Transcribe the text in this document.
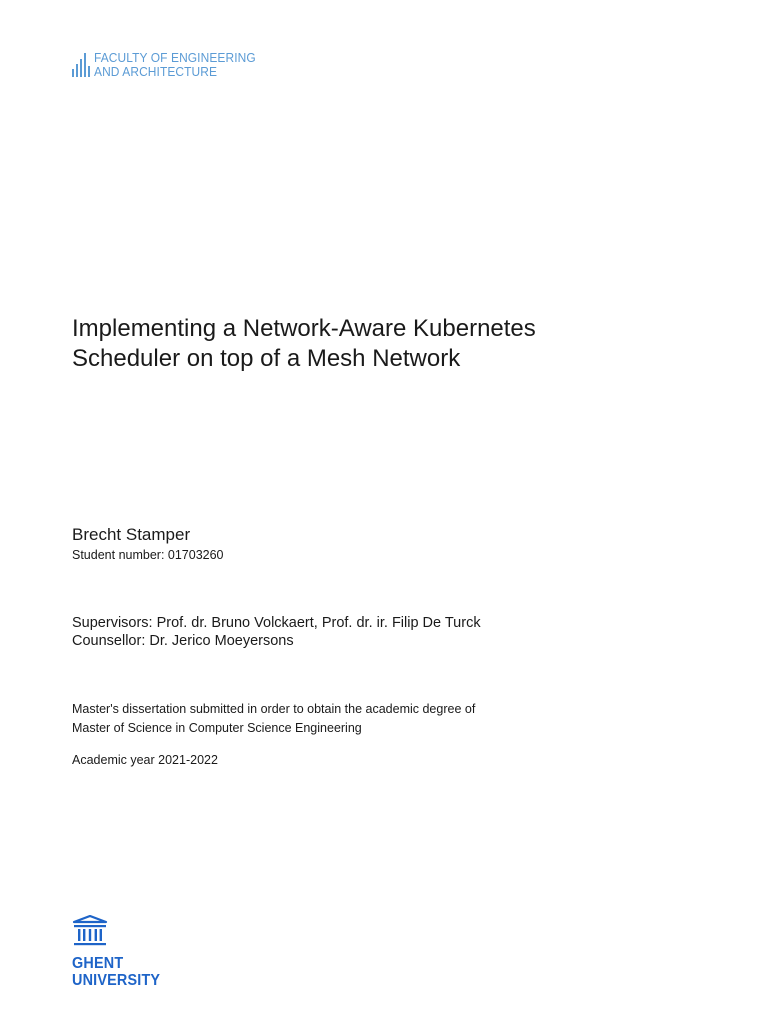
FACULTY OF ENGINEERING
AND ARCHITECTURE
Implementing a Network-Aware Kubernetes
Scheduler on top of a Mesh Network
Brecht Stamper
Student number: 01703260
Supervisors: Prof. dr. Bruno Volckaert, Prof. dr. ir. Filip De Turck
Counsellor: Dr. Jerico Moeyersons
Master's dissertation submitted in order to obtain the academic degree of
Master of Science in Computer Science Engineering
Academic year 2021-2022
GHENT
UNIVERSITY
